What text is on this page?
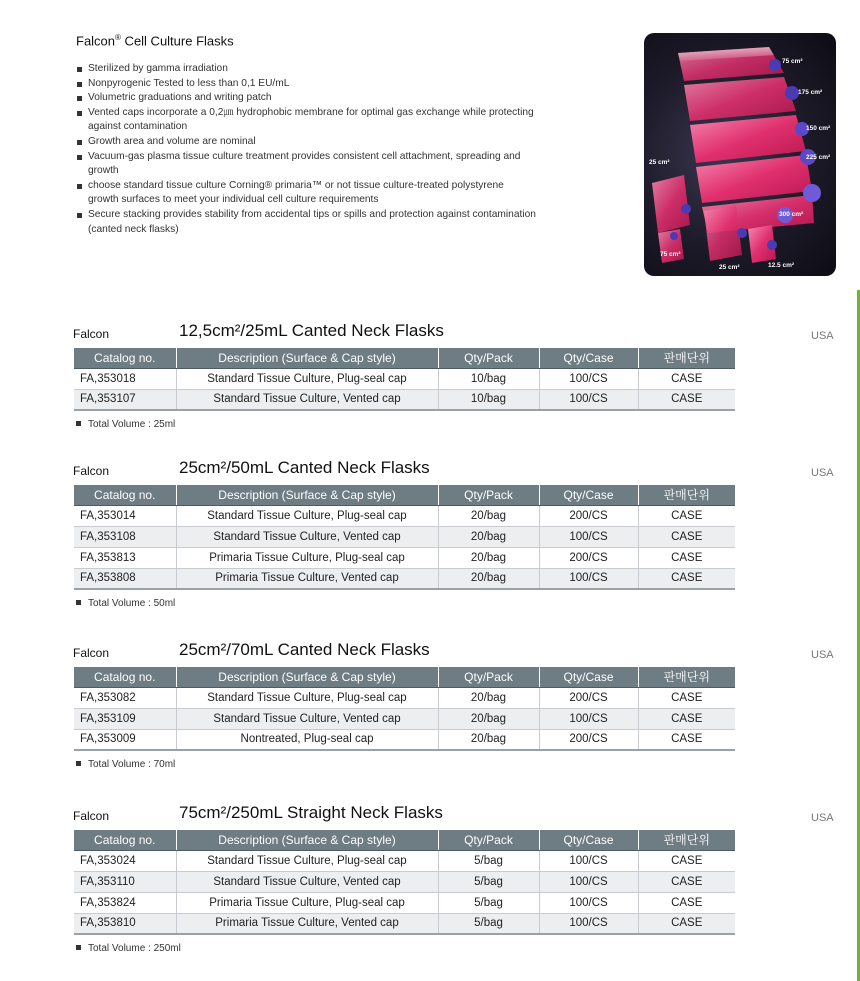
Falcon® Cell Culture Flasks
Sterilized by gamma irradiation
Nonpyrogenic Tested to less than 0,1 EU/mL
Volumetric graduations and writing patch
Vented caps incorporate a 0,2㎛ hydrophobic membrane for optimal gas exchange while protecting against contamination
Growth area and volume are nominal
Vacuum-gas plasma tissue culture treatment provides consistent cell attachment, spreading and growth
choose standard tissue culture Corning® primaria™ or not tissue culture-treated polystyrene growth surfaces to meet your individual cell culture requirements
Secure stacking provides stability from accidental tips or spills and protection against contamination (canted neck flasks)
75 cm²
175 cm²
150 cm²
225 cm²
25 cm²
300 cm²
75 cm²
25 cm²	12.5 cm²
Falcon	12,5cm²/25mL Canted Neck Flasks	USA
Catalog no.	Description (Surface & Cap style)	Qty/Pack	Qty/Case	판매단위
FA,353018	Standard Tissue Culture, Plug-seal cap	10/bag	100/CS	CASE
FA,353107	Standard Tissue Culture, Vented cap	10/bag	100/CS	CASE
Total Volume : 25ml
Falcon	25cm²/50mL Canted Neck Flasks	USA
Catalog no.	Description (Surface & Cap style)	Qty/Pack	Qty/Case	판매단위
FA,353014	Standard Tissue Culture, Plug-seal cap	20/bag	200/CS	CASE
FA,353108	Standard Tissue Culture, Vented cap	20/bag	100/CS	CASE
FA,353813	Primaria Tissue Culture, Plug-seal cap	20/bag	200/CS	CASE
FA,353808	Primaria Tissue Culture, Vented cap	20/bag	100/CS	CASE
Total Volume : 50ml
Falcon	25cm²/70mL Canted Neck Flasks	USA
Catalog no.	Description (Surface & Cap style)	Qty/Pack	Qty/Case	판매단위
FA,353082	Standard Tissue Culture, Plug-seal cap	20/bag	200/CS	CASE
FA,353109	Standard Tissue Culture, Vented cap	20/bag	100/CS	CASE
FA,353009	Nontreated, Plug-seal cap	20/bag	200/CS	CASE
Total Volume : 70ml
Falcon	75cm²/250mL Straight Neck Flasks	USA
Catalog no.	Description (Surface & Cap style)	Qty/Pack	Qty/Case	판매단위
FA,353024	Standard Tissue Culture, Plug-seal cap	5/bag	100/CS	CASE
FA,353110	Standard Tissue Culture, Vented cap	5/bag	100/CS	CASE
FA,353824	Primaria Tissue Culture, Plug-seal cap	5/bag	100/CS	CASE
FA,353810	Primaria Tissue Culture, Vented cap	5/bag	100/CS	CASE
Total Volume : 250ml
